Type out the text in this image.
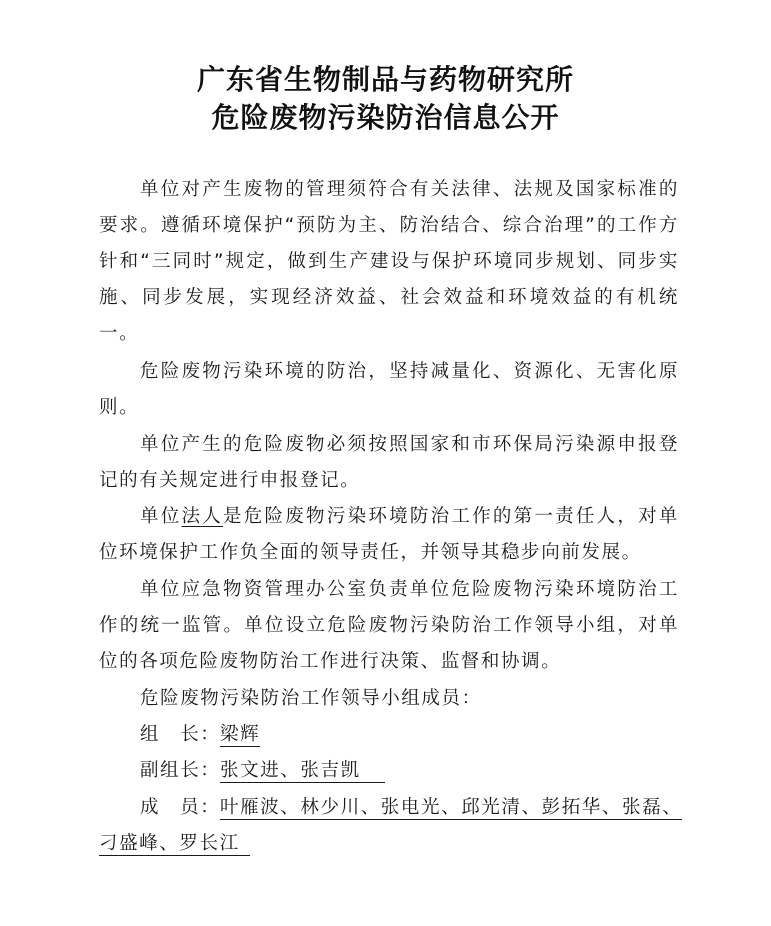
广东省生物制品与药物研究所
危险废物污染防治信息公开

单位对产生废物的管理须符合有关法律、法规及国家标准的要求。遵循环境保护“预防为主、防治结合、综合治理”的工作方针和“三同时”规定，做到生产建设与保护环境同步规划、同步实施、同步发展，实现经济效益、社会效益和环境效益的有机统一。

危险废物污染环境的防治，坚持减量化、资源化、无害化原则。

单位产生的危险废物必须按照国家和市环保局污染源申报登记的有关规定进行申报登记。

单位法人是危险废物污染环境防治工作的第一责任人，对单位环境保护工作负全面的领导责任，并领导其稳步向前发展。

单位应急物资管理办公室负责单位危险废物污染环境防治工作的统一监管。单位设立危险废物污染防治工作领导小组，对单位的各项危险废物防治工作进行决策、监督和协调。

危险废物污染防治工作领导小组成员：

组　长：梁辉
副组长：张文进、张吉凯
成　员：叶雁波、林少川、张电光、邱光清、彭拓华、张磊、
刁盛峰、罗长江
